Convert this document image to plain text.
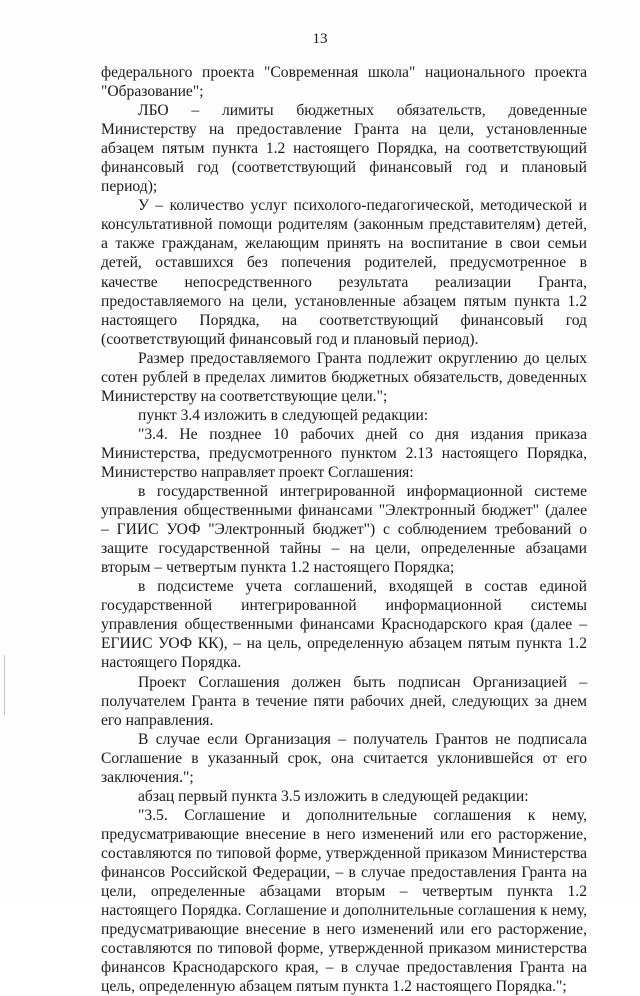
13

федерального проекта "Современная школа" национального проекта "Образование";

ЛБО – лимиты бюджетных обязательств, доведенные Министерству на предоставление Гранта на цели, установленные абзацем пятым пункта 1.2 настоящего Порядка, на соответствующий финансовый год (соответствующий финансовый год и плановый период);

У – количество услуг психолого-педагогической, методической и консультативной помощи родителям (законным представителям) детей, а также гражданам, желающим принять на воспитание в свои семьи детей, оставшихся без попечения родителей, предусмотренное в качестве непосредственного результата реализации Гранта, предоставляемого на цели, установленные абзацем пятым пункта 1.2 настоящего Порядка, на соответствующий финансовый год (соответствующий финансовый год и плановый период).

Размер предоставляемого Гранта подлежит округлению до целых сотен рублей в пределах лимитов бюджетных обязательств, доведенных Министерству на соответствующие цели.";

пункт 3.4 изложить в следующей редакции:

"3.4. Не позднее 10 рабочих дней со дня издания приказа Министерства, предусмотренного пунктом 2.13 настоящего Порядка, Министерство направляет проект Соглашения:

в государственной интегрированной информационной системе управления общественными финансами "Электронный бюджет" (далее – ГИИС УОФ "Электронный бюджет") с соблюдением требований о защите государственной тайны – на цели, определенные абзацами вторым – четвертым пункта 1.2 настоящего Порядка;

в подсистеме учета соглашений, входящей в состав единой государственной интегрированной информационной системы управления общественными финансами Краснодарского края (далее – ЕГИИС УОФ КК), – на цель, определенную абзацем пятым пункта 1.2 настоящего Порядка.

Проект Соглашения должен быть подписан Организацией – получателем Гранта в течение пяти рабочих дней, следующих за днем его направления.

В случае если Организация – получатель Грантов не подписала Соглашение в указанный срок, она считается уклонившейся от его заключения.";

абзац первый пункта 3.5 изложить в следующей редакции:

"3.5. Соглашение и дополнительные соглашения к нему, предусматривающие внесение в него изменений или его расторжение, составляются по типовой форме, утвержденной приказом Министерства финансов Российской Федерации, – в случае предоставления Гранта на цели, определенные абзацами вторым – четвертым пункта 1.2 настоящего Порядка. Соглашение и дополнительные соглашения к нему, предусматривающие внесение в него изменений или его расторжение, составляются по типовой форме, утвержденной приказом министерства финансов Краснодарского края, – в случае предоставления Гранта на цель, определенную абзацем пятым пункта 1.2 настоящего Порядка.";
